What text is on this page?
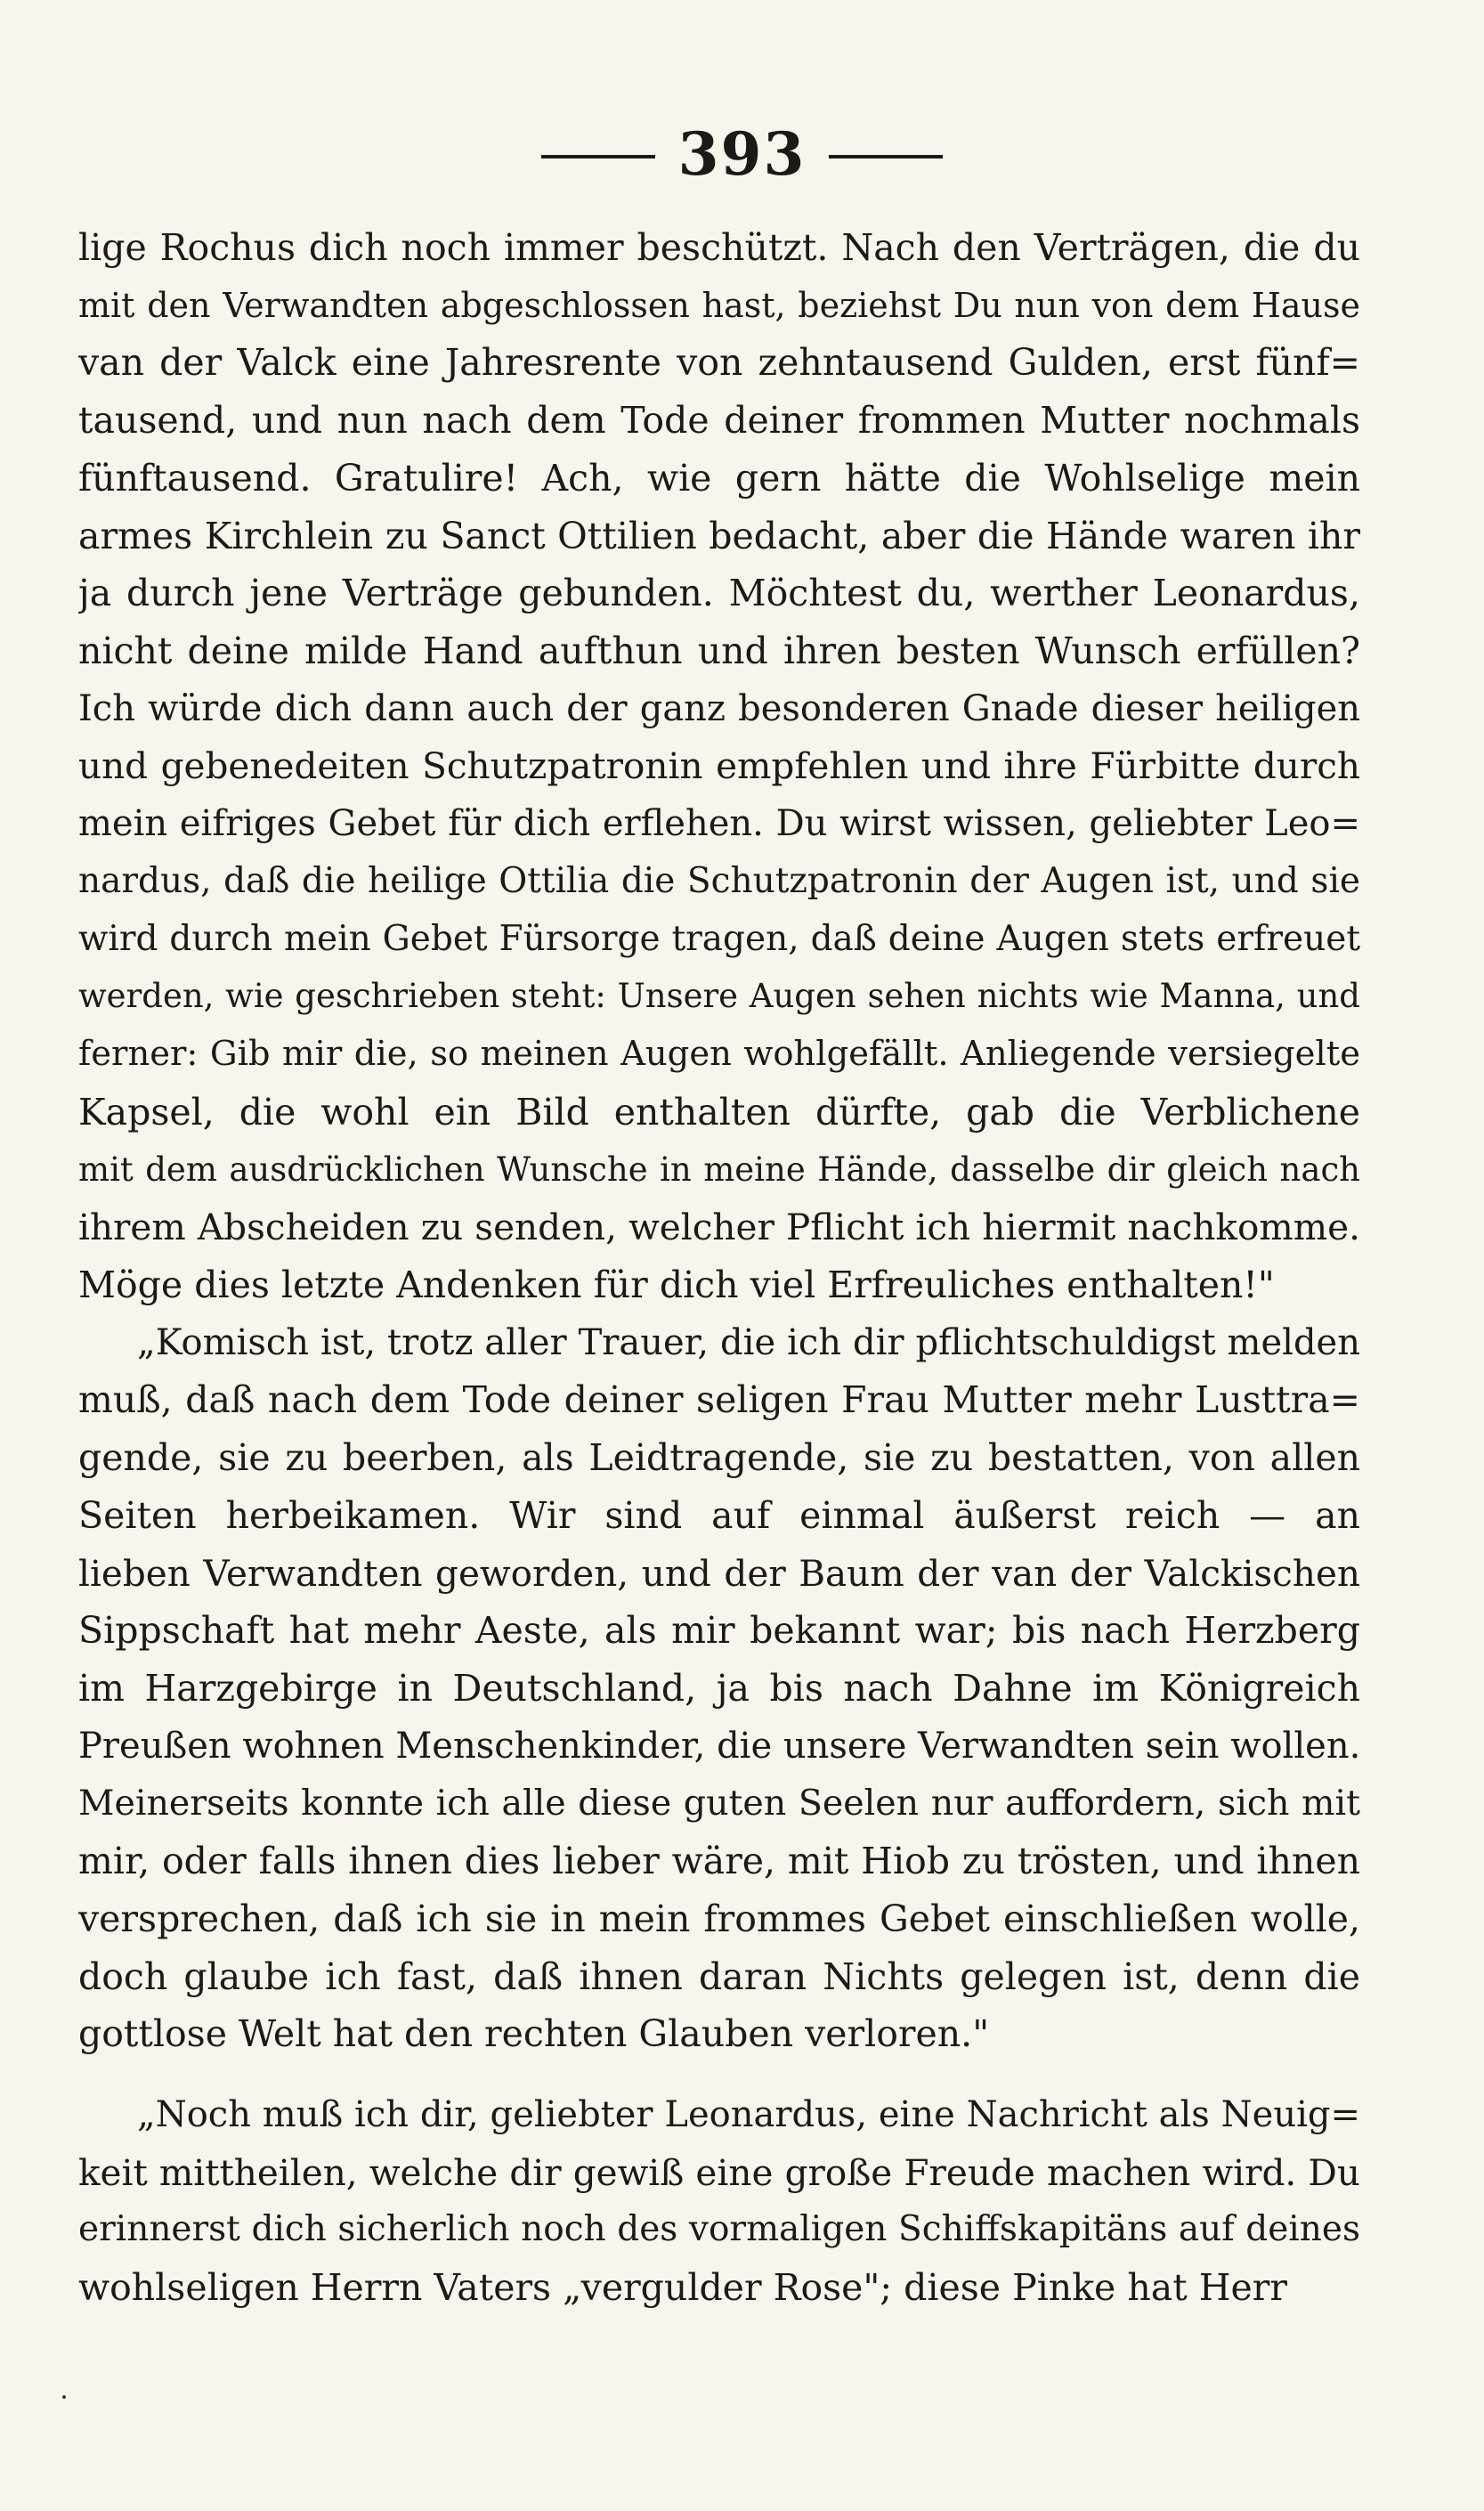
393
lige Rochus dich noch immer beschützt. Nach den Verträgen, die du
mit den Verwandten abgeschlossen hast, beziehst Du nun von dem Hause
van der Valck eine Jahresrente von zehntausend Gulden, erst fünf=
tausend, und nun nach dem Tode deiner frommen Mutter nochmals
fünftausend. Gratulire! Ach, wie gern hätte die Wohlselige mein
armes Kirchlein zu Sanct Ottilien bedacht, aber die Hände waren ihr
ja durch jene Verträge gebunden. Möchtest du, werther Leonardus,
nicht deine milde Hand aufthun und ihren besten Wunsch erfüllen?
Ich würde dich dann auch der ganz besonderen Gnade dieser heiligen
und gebenedeiten Schutzpatronin empfehlen und ihre Fürbitte durch
mein eifriges Gebet für dich erflehen. Du wirst wissen, geliebter Leo=
nardus, daß die heilige Ottilia die Schutzpatronin der Augen ist, und sie
wird durch mein Gebet Fürsorge tragen, daß deine Augen stets erfreuet
werden, wie geschrieben steht: Unsere Augen sehen nichts wie Manna, und
ferner: Gib mir die, so meinen Augen wohlgefällt. Anliegende versiegelte
Kapsel, die wohl ein Bild enthalten dürfte, gab die Verblichene
mit dem ausdrücklichen Wunsche in meine Hände, dasselbe dir gleich nach
ihrem Abscheiden zu senden, welcher Pflicht ich hiermit nachkomme.
Möge dies letzte Andenken für dich viel Erfreuliches enthalten!"
„Komisch ist, trotz aller Trauer, die ich dir pflichtschuldigst melden
muß, daß nach dem Tode deiner seligen Frau Mutter mehr Lusttra=
gende, sie zu beerben, als Leidtragende, sie zu bestatten, von allen
Seiten herbeikamen. Wir sind auf einmal äußerst reich — an
lieben Verwandten geworden, und der Baum der van der Valckischen
Sippschaft hat mehr Aeste, als mir bekannt war; bis nach Herzberg
im Harzgebirge in Deutschland, ja bis nach Dahne im Königreich
Preußen wohnen Menschenkinder, die unsere Verwandten sein wollen.
Meinerseits konnte ich alle diese guten Seelen nur auffordern, sich mit
mir, oder falls ihnen dies lieber wäre, mit Hiob zu trösten, und ihnen
versprechen, daß ich sie in mein frommes Gebet einschließen wolle,
doch glaube ich fast, daß ihnen daran Nichts gelegen ist, denn die
gottlose Welt hat den rechten Glauben verloren."
„Noch muß ich dir, geliebter Leonardus, eine Nachricht als Neuig=
keit mittheilen, welche dir gewiß eine große Freude machen wird. Du
erinnerst dich sicherlich noch des vormaligen Schiffskapitäns auf deines
wohlseligen Herrn Vaters „vergulder Rose"; diese Pinke hat Herr
